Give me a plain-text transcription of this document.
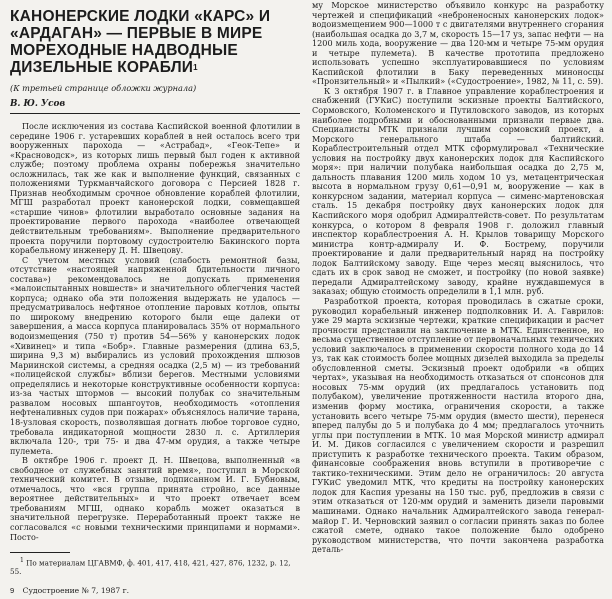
КАНОНЕРСКИЕ ЛОДКИ «КАРС» И «АРДАГАН» — ПЕРВЫЕ В МИРЕ МОРЕХОДНЫЕ НАДВОДНЫЕ ДИЗЕЛЬНЫЕ КОРАБЛИ$^1$

(К третьей странице обложки журнала)

В. Ю. Усов

После исключения из состава Каспийской военной флотилии в середине 1906 г. устаревших кораблей в ней осталось всего три вооруженных парохода — «Астрабад», «Геок-Тепе» и «Красноводск», из которых лишь первый был годен к активной службе; поэтому проблема охраны побережья значительно осложнилась, так же как и выполнение функций, связанных с положениями Туркманчайского договора с Персией 1828 г. Признав необходимым срочное обновление кораблей флотилии, МГШ разработал проект канонерской лодки, совмещавшей «старшие чинов» флотилии выработало основные задания на проектирование первого парохода «наиболее отвечающей действительным требованиям». Выполнение предварительного проекта поручили портовому судостроителю Бакинского порта корабельному инженеру Д. Н. Швецову.

С учетом местных условий (слабость ремонтной базы, отсутствие «настоящей напряженной бдительности личного состава») рекомендовалось не допускать применения «малоиспытанных новшеств» и значительного облегчения частей корпуса; однако оба эти положения выдержать не удалось — предусматривалось нефтяное отопление паровых котлов, опыты по широкому внедрению которого были еще далеки от завершения, а масса корпуса планировалась 35% от нормального водоизмещения (750 т) против 54—56% у канонерских лодок «Хивинец» и типа «Бобр». Главные размерения (длина 63,5, ширина 9,3 м) выбирались из условий прохождения шлюзов Мариинской системы, а средняя осадка (2,5 м) — из требований «полицейской службы» вблизи берегов. Местными условиями определялись и некоторые конструктивные особенности корпуса: из-за частых штормов — высокий полубак со значительным развалом носовых шпангоутов, необходимость «отопления нефтеналивных судов при пожарах» объяснялось наличие тарана, 18-узловая скорость, позволявшая догнать любое торговое судно, требовала индикаторной мощности 2830 л. с. Артиллерия включала 120-, три 75- и два 47-мм орудия, а также четыре пулемета.

В октябре 1906 г. проект Д. Н. Швецова, выполненный «в свободное от служебных занятий время», поступил в Морской технический комитет. В отзыве, подписанном И. Г. Бубновым, отмечалось, что «вся группа принята стройно, все данные вероятнее действительных» и что проект отвечает всем требованиям МГШ, однако корабль может оказаться в значительной перегрузке. Переработанный проект также не согласовался «с новыми техническими принципами и нормами». Посто-

$^1$ По материалам ЦГАВМФ, ф. 401, 417, 418, 421, 427, 876, 1232, р. 12, 55.

9 Судостроение № 7, 1987 г.

му Морское министерство объявило конкурс на разработку чертежей и спецификаций «неброненосных канонерских лодок» водоизмещением 900—1000 т с двигателями внутреннего сгорания (наибольшая осадка до 3,7 м, скорость 15—17 уз, запас нефти — на 1200 миль хода, вооружение — два 120-мм и четыре 75-мм орудия и четыре пулемета). В качестве прототипа предложено использовать успешно эксплуатировавшиеся по условиям Каспийской флотилии в Баку переведенных миноносцы «Пронзительный» и «Пылкий» («Судостроение», 1982, № 11, с. 59).

К 3 октября 1907 г. в Главное управление кораблестроения и снабжений (ГУКиС) поступили эскизные проекты Балтийского, Сормовского, Коломенского и Путиловского заводов, из которых наиболее подробными и обоснованными признали первые два. Специалисты МТК признали лучшим сормовский проект, а Морского генерального штаба — балтийский. Кораблестроительный отдел МТК сформулировал «Технические условия на постройку двух канонерских лодок для Каспийского моря»: при наличии полубака наибольшая осадка до 2,75 м, дальность плавания 1200 миль ходом 10 уз, метацентрическая высота в нормальном грузу 0,61—0,91 м, вооружение — как в конкурсном задании, материал корпуса — сименс-мартеновская сталь. 15 декабря постройку двух канонерских лодок для Каспийского моря одобрил Адмиралтейств-совет. По результатам конкурса, о котором 8 февраля 1908 г. доложил главный инспектор кораблестроения А. Н. Крылов товарищу Морского министра контр-адмиралу И. Ф. Бостремy, поручили проектирование и дали предварительный наряд на постройку лодок Балтийскому заводу. Еще через месяц выяснилось, что сдать их в срок завод не сможет, и постройку (по новой заявке) передали Адмиралтейскому заводу, крайне нуждавшемуся в заказах; общую стоимость определили в 1,1 млн. руб.

Разработкой проекта, которая проводилась в сжатые сроки, руководил корабельный инженер подполковник И. А. Гаврилов: уже 29 марта эскизные чертежи, краткие спецификации и расчет прочности представили на заключение в МТК. Единственное, но весьма существенное отступление от первоначальных технических условий заключалось в применении скорости полного хода до 14 уз, так как стоимость более мощных дизелей выходила за пределы обусловленной сметы. Эскизный проект одобрили «в общих чертах», указывая на необходимость отказаться от спонсонов для носовых 75-мм орудий (их предлагалось установить под полубаком), увеличение протяженности настила второго дна, изменив форму мостика, ограничения скорости, а также установить всего четыре 75-мм орудия (вместо шести), перенеся вперед палубы до 5 и полубака до 4 мм; предлагалось уточнить углы при поступлении в МТК. 10 мая Морской министр адмирал И. М. Диков согласился с увеличением скорости и разрешил приступить к разработке технического проекта. Таким образом, финансовые соображения вновь вступили в противоречие с тактико-техническими. Этим дело не ограничилось: 20 августа ГУКиС уведомил МТК, что кредиты на постройку канонерских лодок для Каспия урезаны на 150 тыс. руб, предложив в связи с этим отказаться от 120-мм орудий и заменить дизели паровыми машинами. Однако начальник Адмиралтейского завода генерал-майор Г. И. Черновский заявил о согласии принять заказ по более сжатой смете, однако такое положение было одобрено руководством министерства, что почти закончена разработка деталь-
